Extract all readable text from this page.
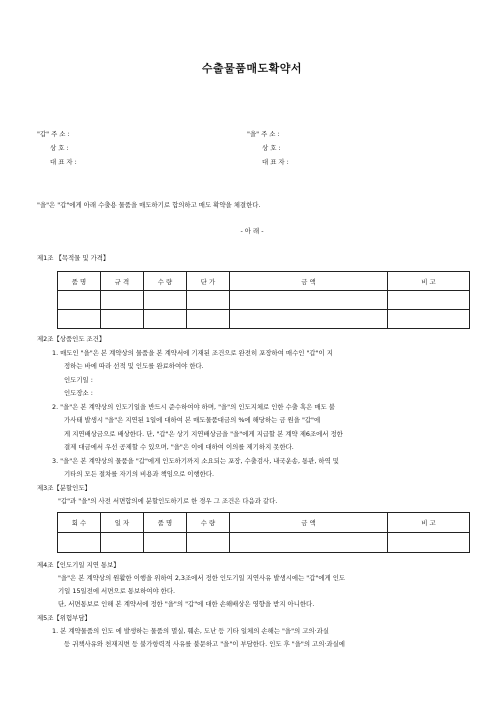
수출물품매도확약서
"갑" 주 소 :
상 호 :
대 표 자 :
"을" 주 소 :
상 호 :
대 표 자 :
"을"은 "갑"에게 아래 수출용 물품을 매도하기로 합의하고 매도 확약을 체결한다.
- 아 래 -
제1조 【목적물 및 가격】
품 명	규 격	수 량	단 가	금 액	비 고

제2조【상품인도 조건】
1. 매도인 "을"은 본 계약상의 물품을 본 계약서에 기재된 조건으로 완전히 포장하여 매수인 "갑"이 지
정하는 바에 따라 선적 및 인도를 완료하여야 한다.
인도기일 :
인도장소 :
2. "을"은 본 계약상의 인도기일을 반드시 준수하여야 하며, "을"의 인도지체로 인한 수출 혹은 매도 불
가사태 발생시 "을"은 지연된 1일에 대하여 본 매도물품대금의 %에 해당하는 금 원을 "갑"에
게 지연배상금으로 배상한다. 단, "갑"은 상기 지연배상금을 "을"에게 지급할 본 계약 제6조에서 정한
결제 대금에서 우선 공제할 수 있으며, "을"은 이에 대하여 이의를 제기하지 못한다.
3. "을"은 본 계약상의 물품을 "갑"에게 인도하기까지 소요되는 포장, 수출검사, 내국운송, 통관, 하역 및
기타의 모든 절차를 자기의 비용과 책임으로 이행한다.
제3조【분할인도】
"갑"과 "을"의 사전 서면합의에 분할인도하기로 한 경우 그 조건은 다음과 같다.
회 수	일 자	품 명	수 량	금 액	비 고

제4조【인도기일 지연 통보】
"을"은 본 계약상의 원활한 이행을 위하여 2,3조에서 정한 인도기일 지연사유 발생시에는 "갑"에게 인도
기일 15일전에 서면으로 통보하여야 한다.
단, 서면통보로 인해 본 계약서에 정한 "을"의 "갑"에 대한 손해배상은 영향을 받지 아니한다.
제5조【위험부담】
1. 본 계약물품의 인도 에 발생하는 물품의 멸실, 훼손, 도난 등 기타 일체의 손해는 "을"의 고의·과실
등 귀책사유와 천재지변 등 불가항력적 사유를 불문하고 "을"이 부담한다. 인도 후 "을"의 고의·과실에
